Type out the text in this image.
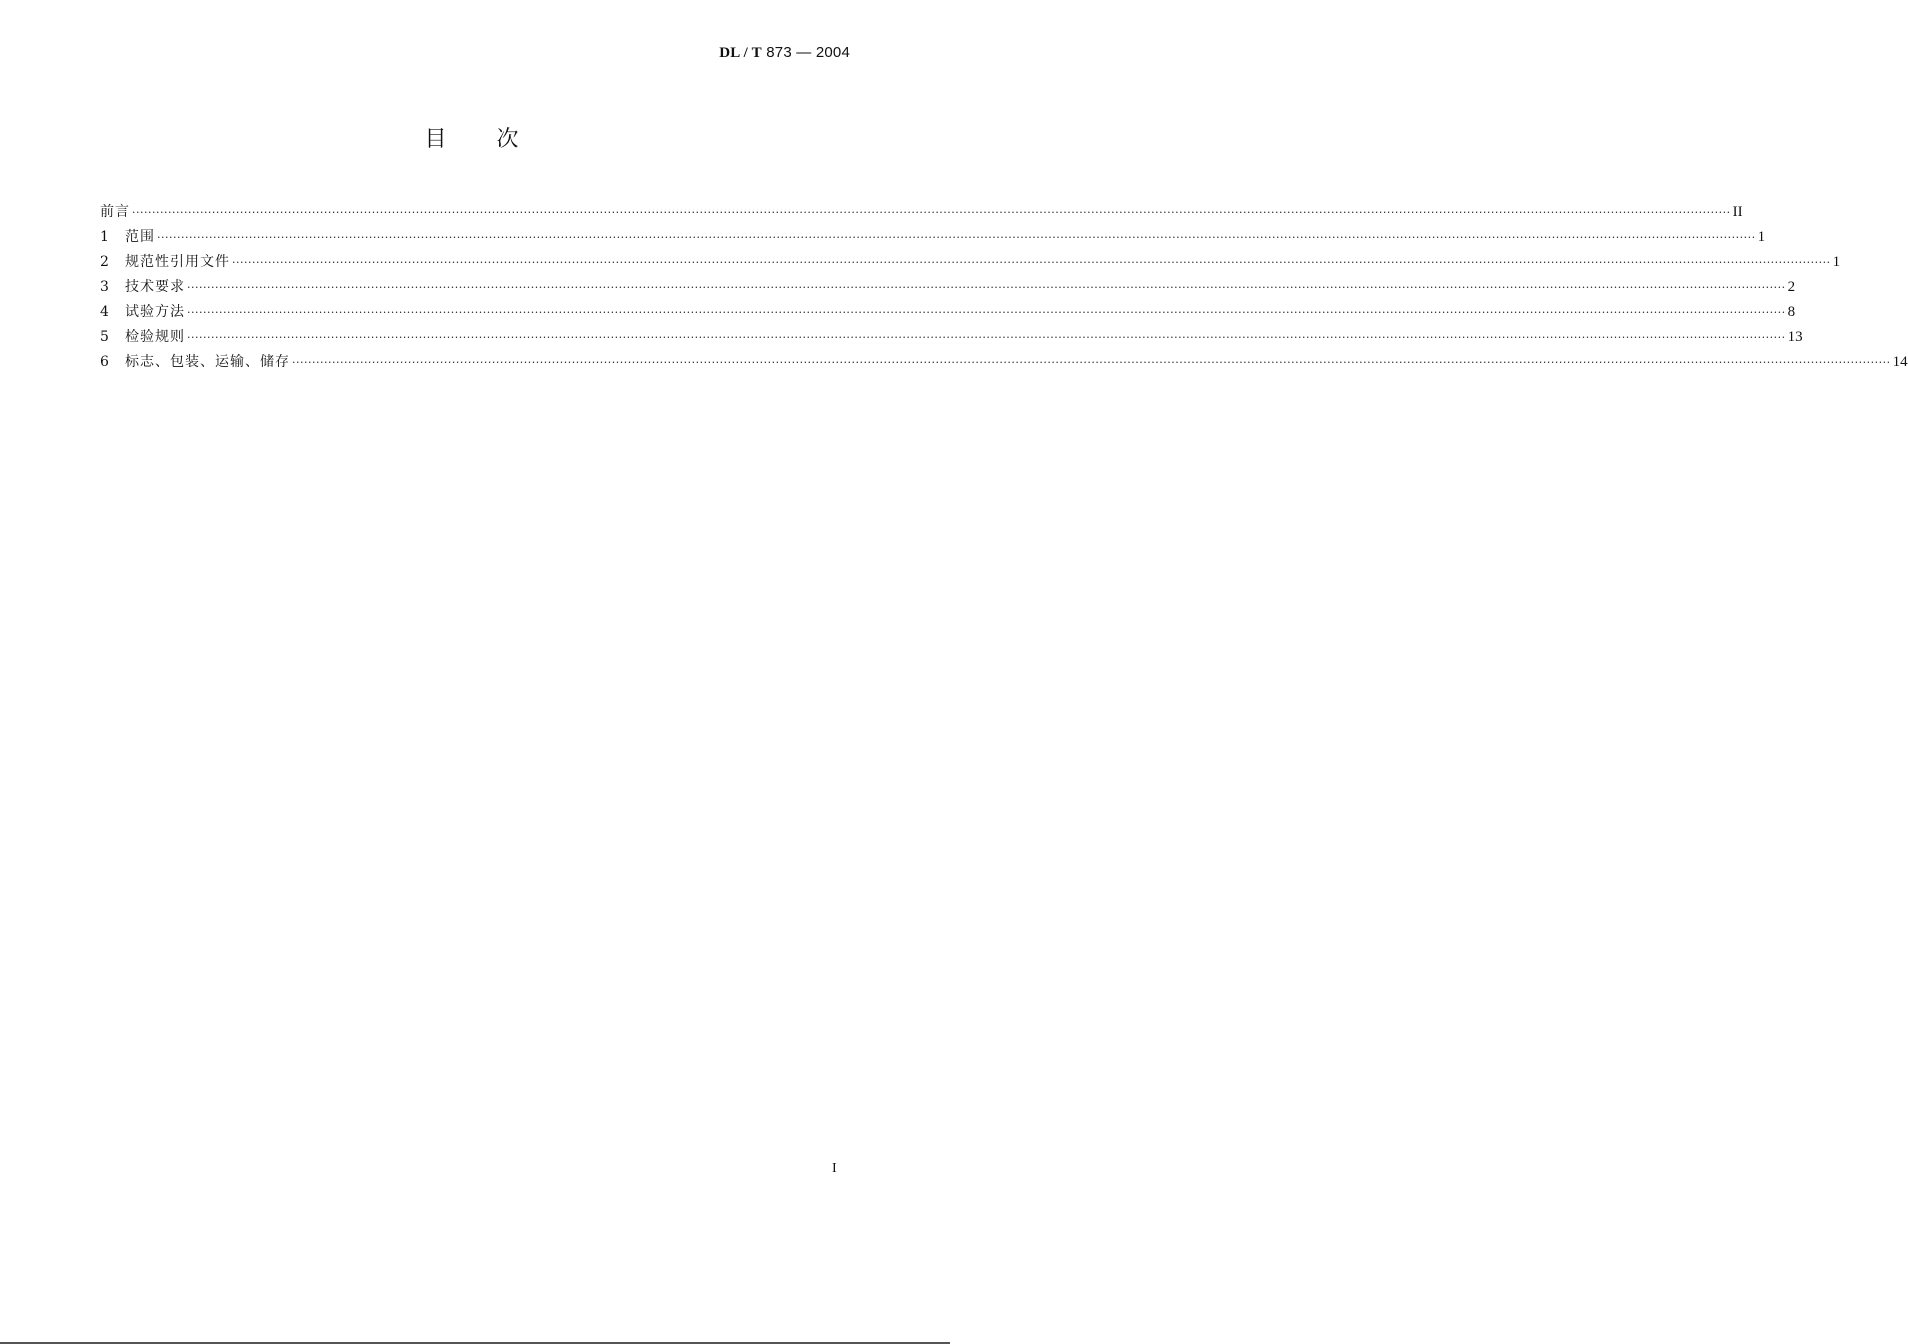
DL / T 873 — 2004
目次
前言 ················································································································································································································································································································································································································ II
1	范围 ················································································································································································································································································································································································································ 1
2	规范性引用文件 ················································································································································································································································································································································································································ 1
3	技术要求 ················································································································································································································································································································································································································ 2
4	试验方法 ················································································································································································································································································································································································································ 8
5	检验规则 ················································································································································································································································································································································································································ 13
6	标志、包装、运输、储存 ················································································································································································································································································································································································································ 14
I
